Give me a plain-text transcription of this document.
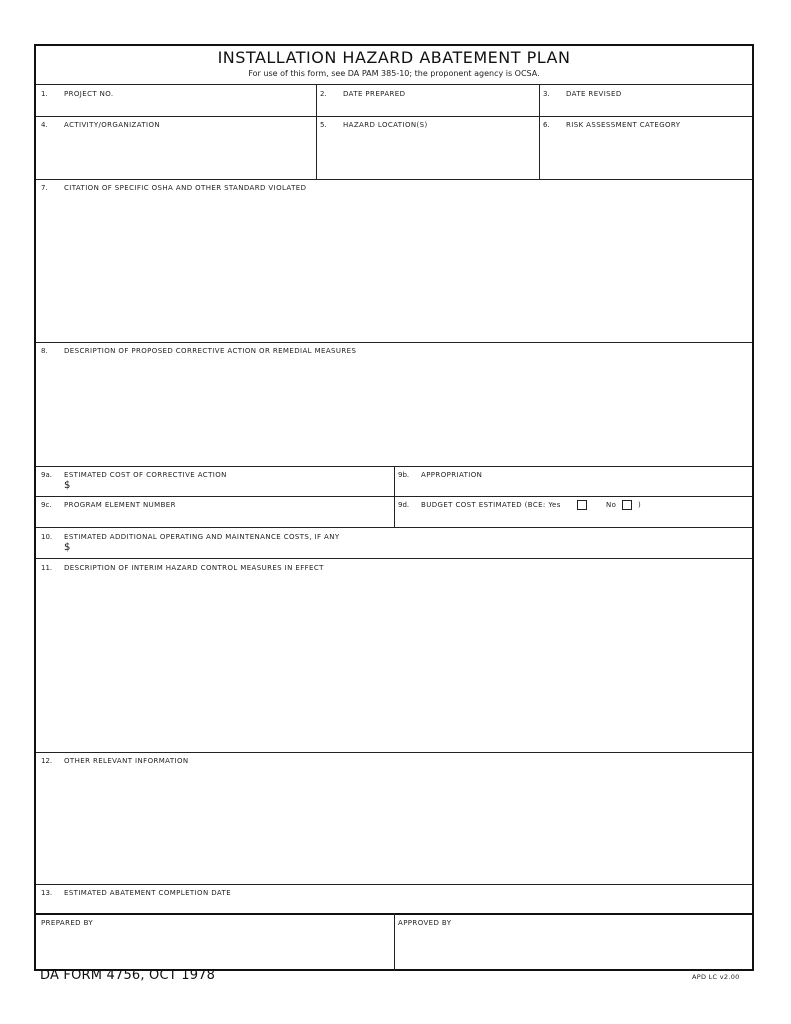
INSTALLATION HAZARD ABATEMENT PLAN
For use of this form, see DA PAM 385-10; the proponent agency is OCSA.
1. PROJECT NO.	2. DATE PREPARED	3. DATE REVISED
4. ACTIVITY/ORGANIZATION	5. HAZARD LOCATION(S)	6. RISK ASSESSMENT CATEGORY
7. CITATION OF SPECIFIC OSHA AND OTHER STANDARD VIOLATED
8. DESCRIPTION OF PROPOSED CORRECTIVE ACTION OR REMEDIAL MEASURES
9a. ESTIMATED COST OF CORRECTIVE ACTION
$
9b. APPROPRIATION
9c. PROGRAM ELEMENT NUMBER	9d. BUDGET COST ESTIMATED (BCE: Yes	No	)
10. ESTIMATED ADDITIONAL OPERATING AND MAINTENANCE COSTS, IF ANY
$
11. DESCRIPTION OF INTERIM HAZARD CONTROL MEASURES IN EFFECT
12. OTHER RELEVANT INFORMATION
13. ESTIMATED ABATEMENT COMPLETION DATE
PREPARED BY	APPROVED BY
DA FORM 4756, OCT 1978	APD LC v2.00
